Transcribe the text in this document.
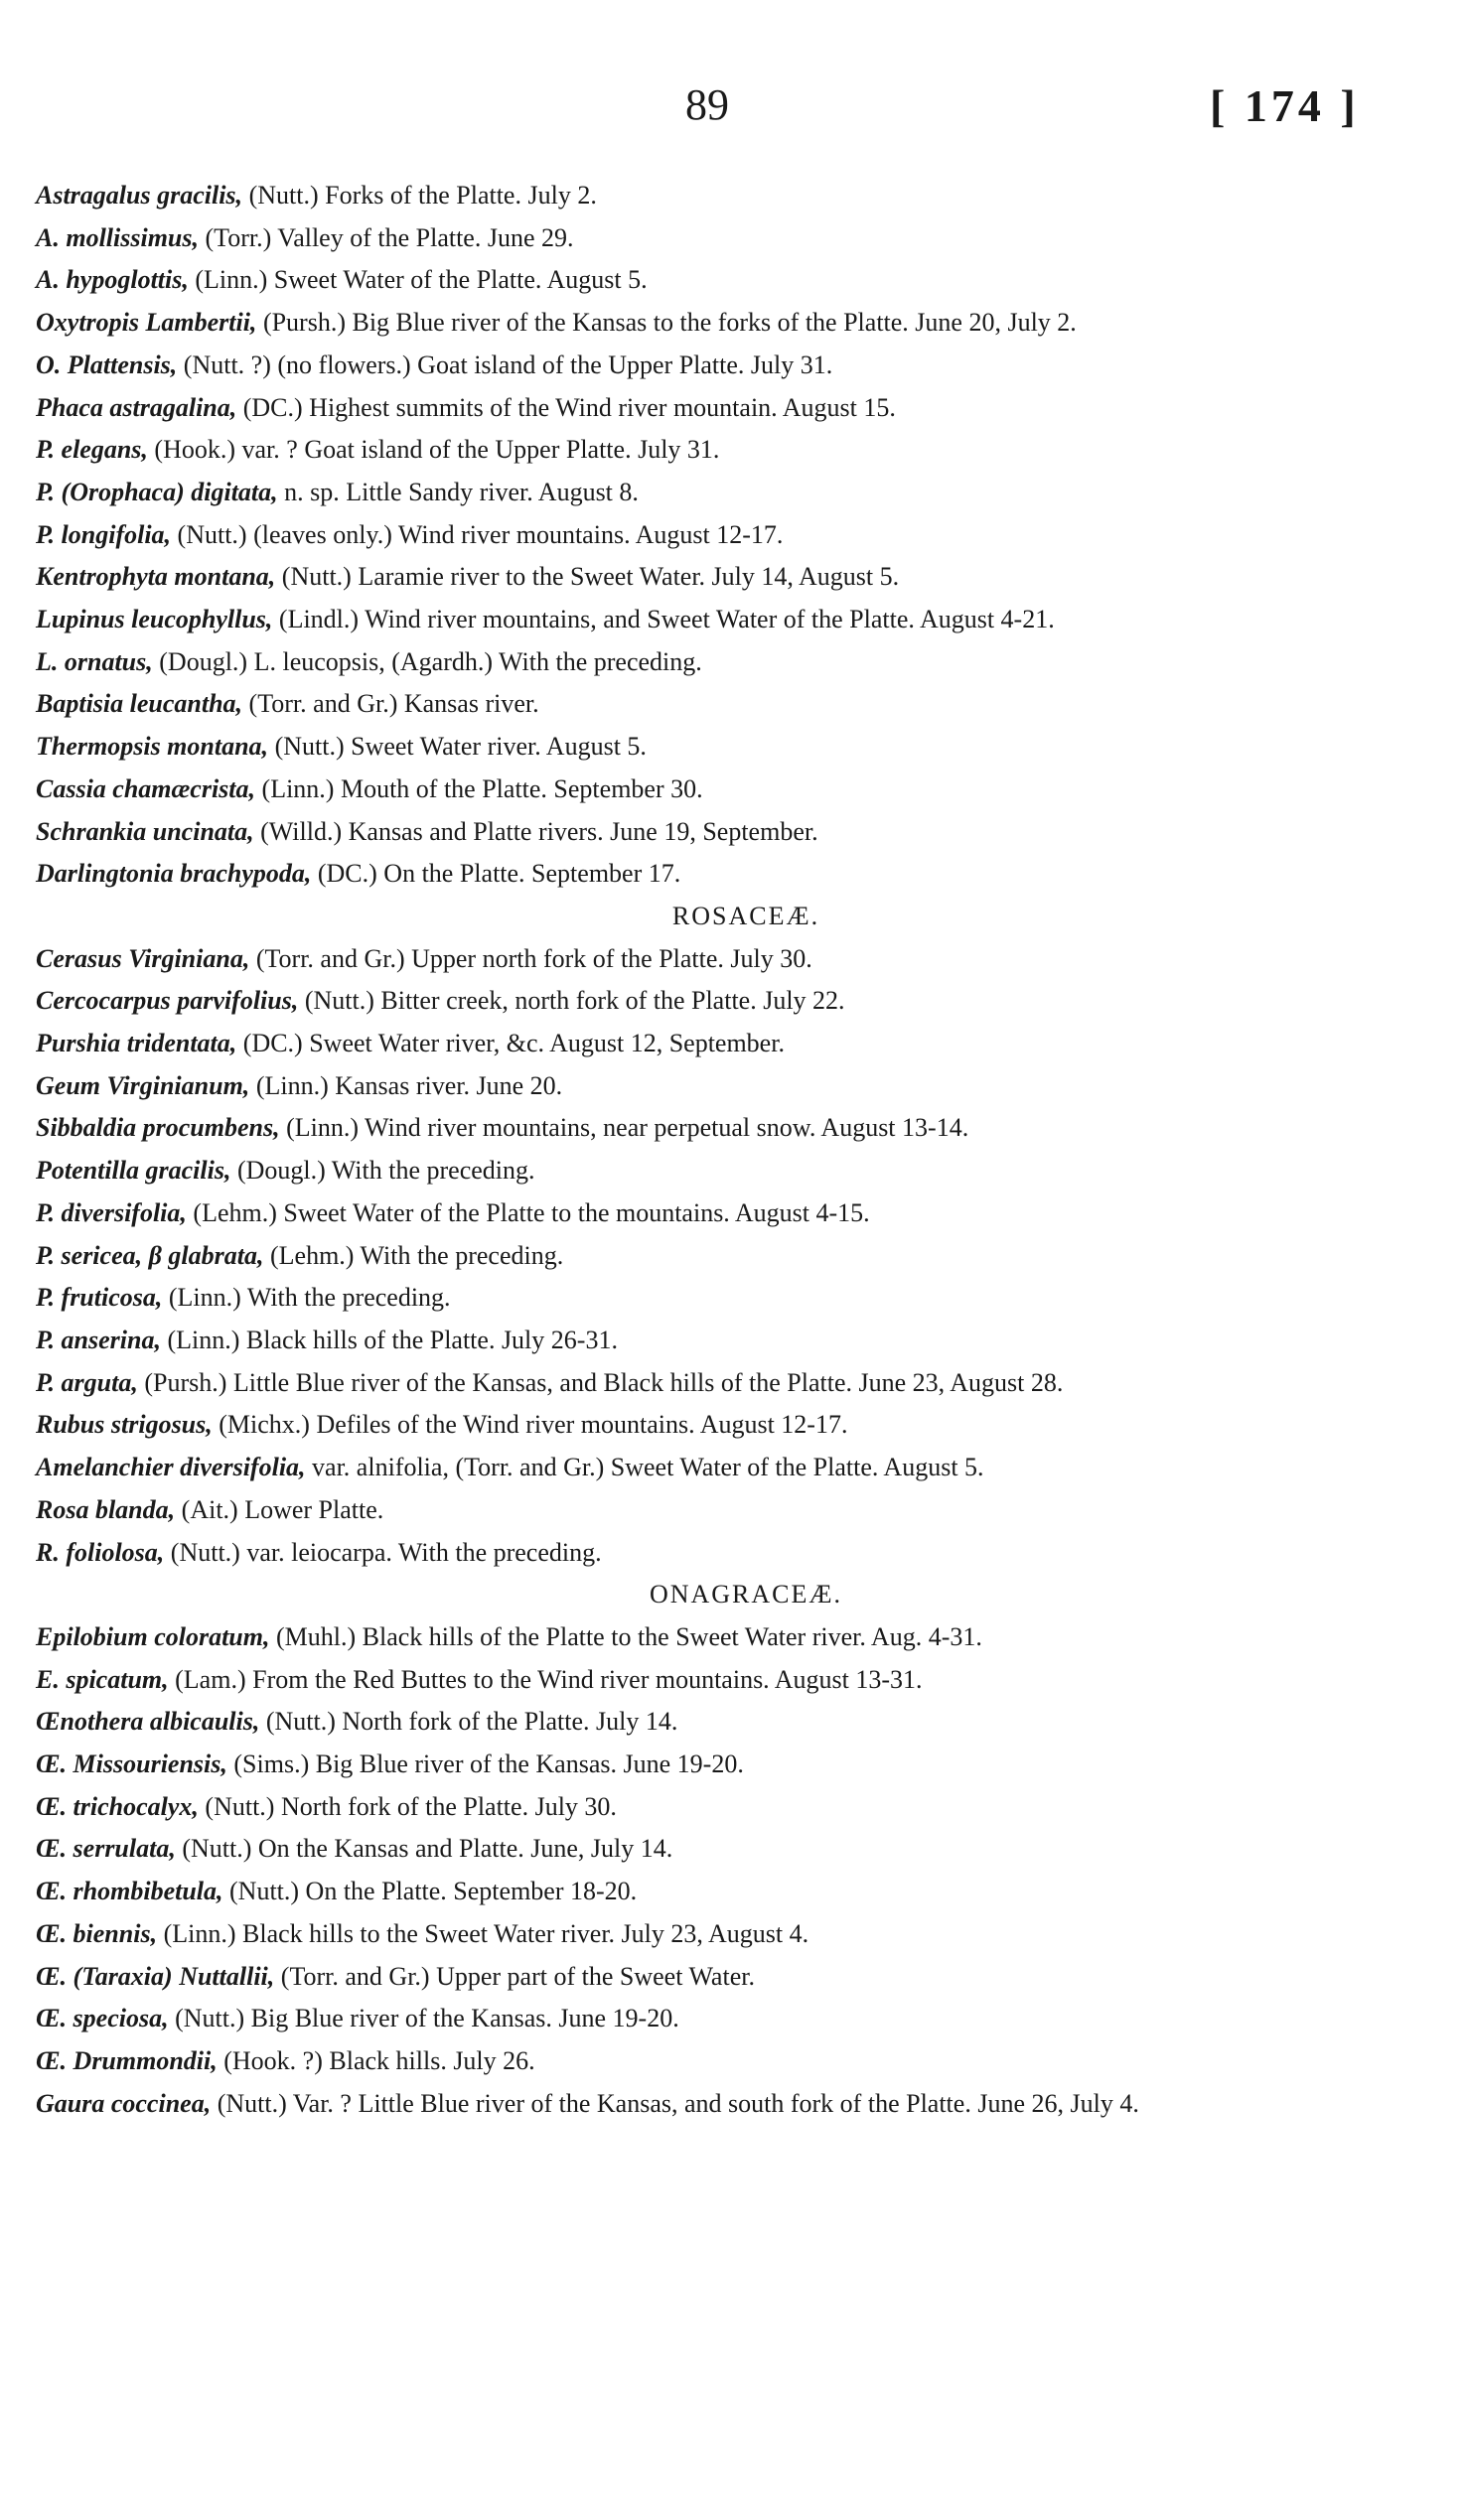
89	[ 174 ]
Astragalus gracilis, (Nutt.) Forks of the Platte. July 2.
A. mollissimus, (Torr.) Valley of the Platte. June 29.
A. hypoglottis, (Linn.) Sweet Water of the Platte. August 5.
Oxytropis Lambertii, (Pursh.) Big Blue river of the Kansas to the forks of the Platte. June 20, July 2.
O. Plattensis, (Nutt. ?) (no flowers.) Goat island of the Upper Platte. July 31.
Phaca astragalina, (DC.) Highest summits of the Wind river mountain. August 15.
P. elegans, (Hook.) var. ? Goat island of the Upper Platte. July 31.
P. (Orophaca) digitata, n. sp. Little Sandy river. August 8.
P. longifolia, (Nutt.) (leaves only.) Wind river mountains. August 12-17.
Kentrophyta montana, (Nutt.) Laramie river to the Sweet Water. July 14, August 5.
Lupinus leucophyllus, (Lindl.) Wind river mountains, and Sweet Water of the Platte. August 4-21.
L. ornatus, (Dougl.) L. leucopsis, (Agardh.) With the preceding.
Baptisia leucantha, (Torr. and Gr.) Kansas river.
Thermopsis montana, (Nutt.) Sweet Water river. August 5.
Cassia chamæcrista, (Linn.) Mouth of the Platte. September 30.
Schrankia uncinata, (Willd.) Kansas and Platte rivers. June 19, September.
Darlingtonia brachypoda, (DC.) On the Platte. September 17.
ROSACEÆ.
Cerasus Virginiana, (Torr. and Gr.) Upper north fork of the Platte. July 30.
Cercocarpus parvifolius, (Nutt.) Bitter creek, north fork of the Platte. July 22.
Purshia tridentata, (DC.) Sweet Water river, &c. August 12, September.
Geum Virginianum, (Linn.) Kansas river. June 20.
Sibbaldia procumbens, (Linn.) Wind river mountains, near perpetual snow. August 13-14.
Potentilla gracilis, (Dougl.) With the preceding.
P. diversifolia, (Lehm.) Sweet Water of the Platte to the mountains. August 4-15.
P. sericea, β glabrata, (Lehm.) With the preceding.
P. fruticosa, (Linn.) With the preceding.
P. anserina, (Linn.) Black hills of the Platte. July 26-31.
P. arguta, (Pursh.) Little Blue river of the Kansas, and Black hills of the Platte. June 23, August 28.
Rubus strigosus, (Michx.) Defiles of the Wind river mountains. August 12-17.
Amelanchier diversifolia, var. alnifolia, (Torr. and Gr.) Sweet Water of the Platte. August 5.
Rosa blanda, (Ait.) Lower Platte.
R. foliolosa, (Nutt.) var. leiocarpa. With the preceding.
ONAGRACEÆ.
Epilobium coloratum, (Muhl.) Black hills of the Platte to the Sweet Water river. Aug. 4-31.
E. spicatum, (Lam.) From the Red Buttes to the Wind river mountains. August 13-31.
Œnothera albicaulis, (Nutt.) North fork of the Platte. July 14.
Œ. Missouriensis, (Sims.) Big Blue river of the Kansas. June 19-20.
Œ. trichocalyx, (Nutt.) North fork of the Platte. July 30.
Œ. serrulata, (Nutt.) On the Kansas and Platte. June, July 14.
Œ. rhombibetula, (Nutt.) On the Platte. September 18-20.
Œ. biennis, (Linn.) Black hills to the Sweet Water river. July 23, August 4.
Œ. (Taraxia) Nuttallii, (Torr. and Gr.) Upper part of the Sweet Water.
Œ. speciosa, (Nutt.) Big Blue river of the Kansas. June 19-20.
Œ. Drummondii, (Hook. ?) Black hills. July 26.
Gaura coccinea, (Nutt.) Var. ? Little Blue river of the Kansas, and south fork of the Platte. June 26, July 4.
